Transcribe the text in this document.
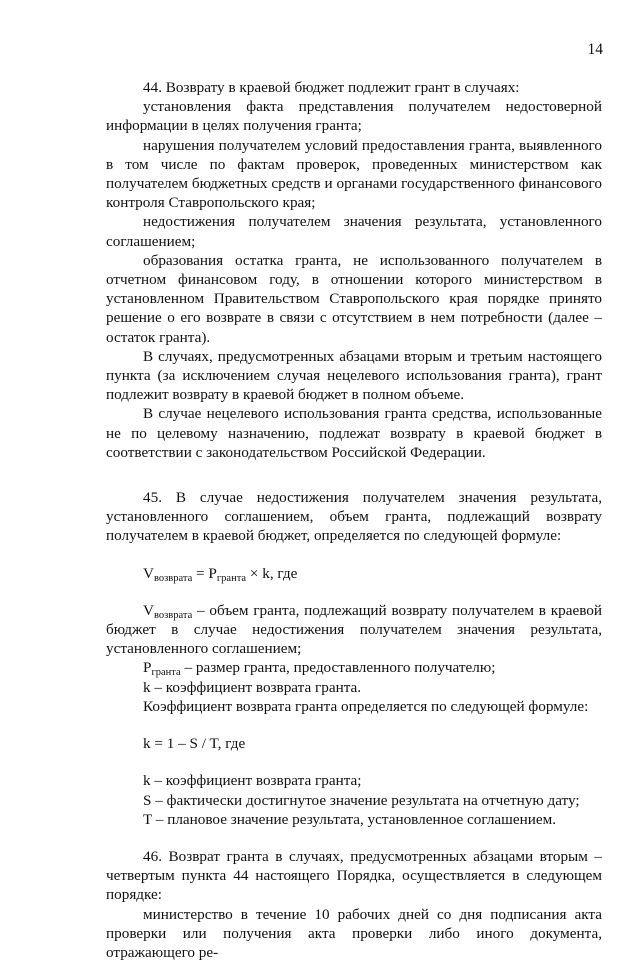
14

44. Возврату в краевой бюджет подлежит грант в случаях:

установления факта представления получателем недостоверной информации в целях получения гранта;

нарушения получателем условий предоставления гранта, выявленного в том числе по фактам проверок, проведенных министерством как получателем бюджетных средств и органами государственного финансового контроля Ставропольского края;

недостижения получателем значения результата, установленного соглашением;

образования остатка гранта, не использованного получателем в отчетном финансовом году, в отношении которого министерством в установленном Правительством Ставропольского края порядке принято решение о его возврате в связи с отсутствием в нем потребности (далее – остаток гранта).

В случаях, предусмотренных абзацами вторым и третьим настоящего пункта (за исключением случая нецелевого использования гранта), грант подлежит возврату в краевой бюджет в полном объеме.

В случае нецелевого использования гранта средства, использованные не по целевому назначению, подлежат возврату в краевой бюджет в соответствии с законодательством Российской Федерации.

45. В случае недостижения получателем значения результата, установленного соглашением, объем гранта, подлежащий возврату получателем в краевой бюджет, определяется по следующей формуле:

$V_{возврата} = P_{гранта} \times k$, где

$V_{возврата}$ – объем гранта, подлежащий возврату получателем в краевой бюджет в случае недостижения получателем значения результата, установленного соглашением;

$P_{гранта}$ – размер гранта, предоставленного получателю;

k – коэффициент возврата гранта.

Коэффициент возврата гранта определяется по следующей формуле:

k = 1 – S / T, где

k – коэффициент возврата гранта;

S – фактически достигнутое значение результата на отчетную дату;

T – плановое значение результата, установленное соглашением.

46. Возврат гранта в случаях, предусмотренных абзацами вторым – четвертым пункта 44 настоящего Порядка, осуществляется в следующем порядке:

министерство в течение 10 рабочих дней со дня подписания акта проверки или получения акта проверки либо иного документа, отражающего ре-
